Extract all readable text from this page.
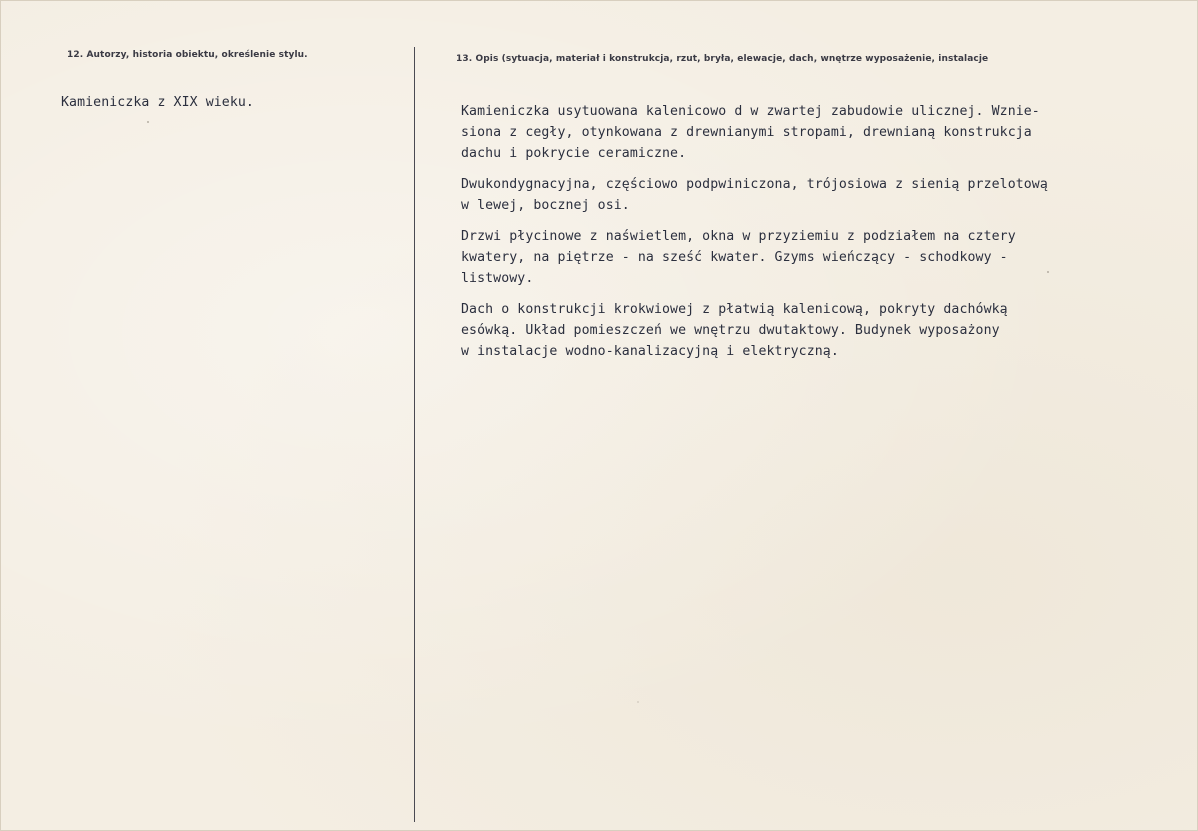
12. Autorzy, historia obiektu, określenie stylu.	13. Opis (sytuacja, materiał i konstrukcja, rzut, bryła, elewacje, dach, wnętrze wyposażenie, instalacje

Kamieniczka z XIX wieku.

Kamieniczka usytuowana kalenicowo d w zwartej zabudowie ulicznej. Wznie-
siona z cegły, otynkowana z drewnianymi stropami, drewnianą konstrukcja
dachu i pokrycie ceramiczne.
Dwukondygnacyjna, częściowo podpwiniczona, trójosiowa z sienią przelotową
w lewej, bocznej osi.
Drzwi płycinowe z naświetlem, okna w przyziemiu z podziałem na cztery
kwatery, na piętrze - na sześć kwater. Gzyms wieńczący - schodkowy -
listwowy.
Dach o konstrukcji krokwiowej z płatwią kalenicową, pokryty dachówką
esówką. Układ pomieszczeń we wnętrzu dwutaktowy. Budynek wyposażony
w instalacje wodno-kanalizacyjną i elektryczną.
